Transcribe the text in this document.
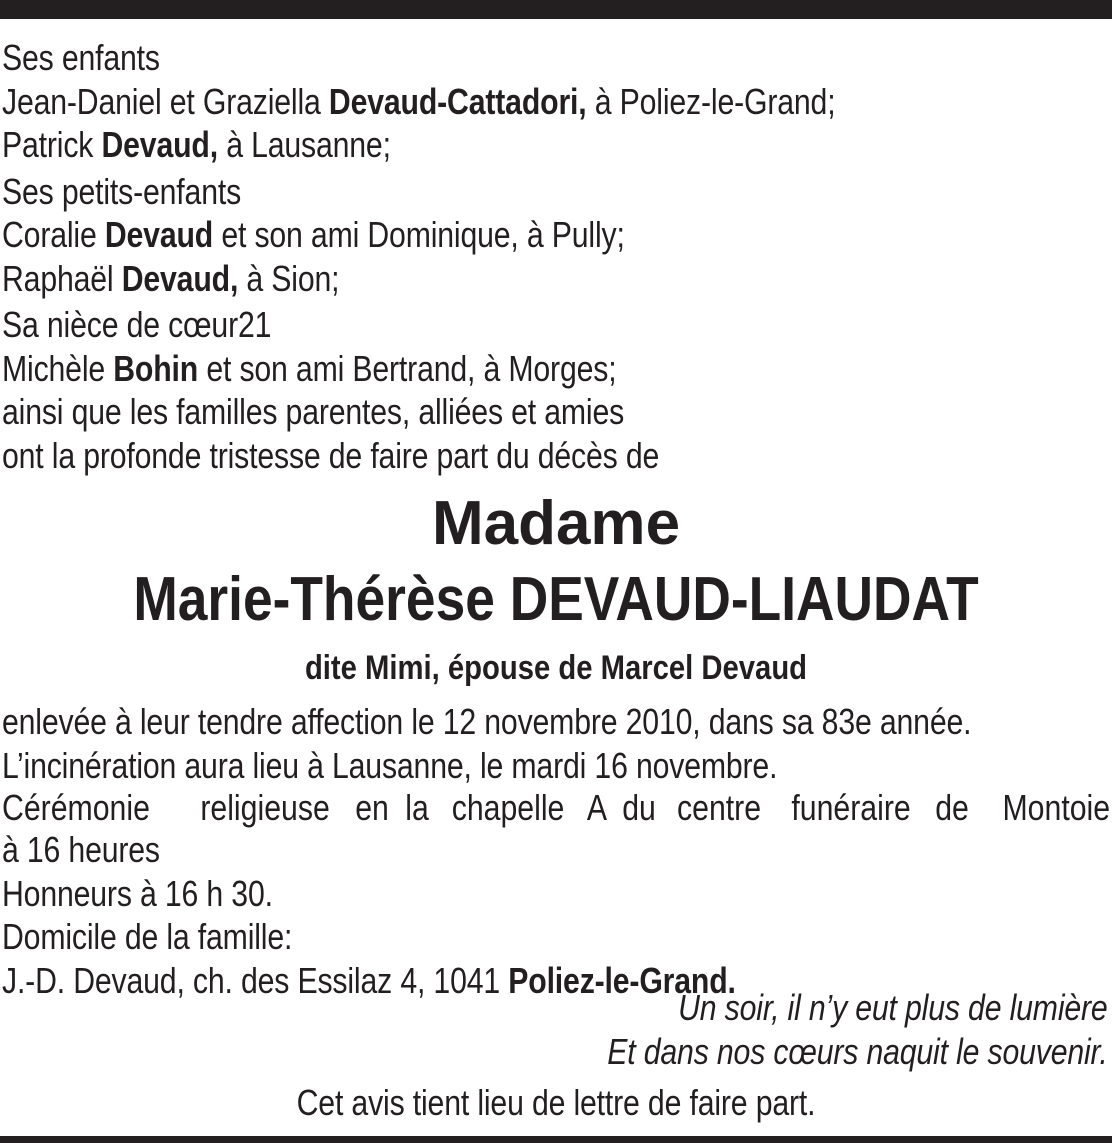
Ses enfants
Jean-Daniel et Graziella Devaud-Cattadori, à Poliez-le-Grand;
Patrick Devaud, à Lausanne;
Ses petits-enfants
Coralie Devaud et son ami Dominique, à Pully;
Raphaël Devaud, à Sion;
Sa nièce de cœur21
Michèle Bohin et son ami Bertrand, à Morges;
ainsi que les familles parentes, alliées et amies
ont la profonde tristesse de faire part du décès de
Madame
Marie-Thérèse DEVAUD-LIAUDAT
dite Mimi, épouse de Marcel Devaud
enlevée à leur tendre affection le 12 novembre 2010, dans sa 83e année.
L’incinération aura lieu à Lausanne, le mardi 16 novembre.
Cérémonie religieuse en la chapelle A du centre funéraire de Montoie
à 16 heures
Honneurs à 16 h 30.
Domicile de la famille:
J.-D. Devaud, ch. des Essilaz 4, 1041 Poliez-le-Grand.
Un soir, il n’y eut plus de lumière
Et dans nos cœurs naquit le souvenir.
Cet avis tient lieu de lettre de faire part.
